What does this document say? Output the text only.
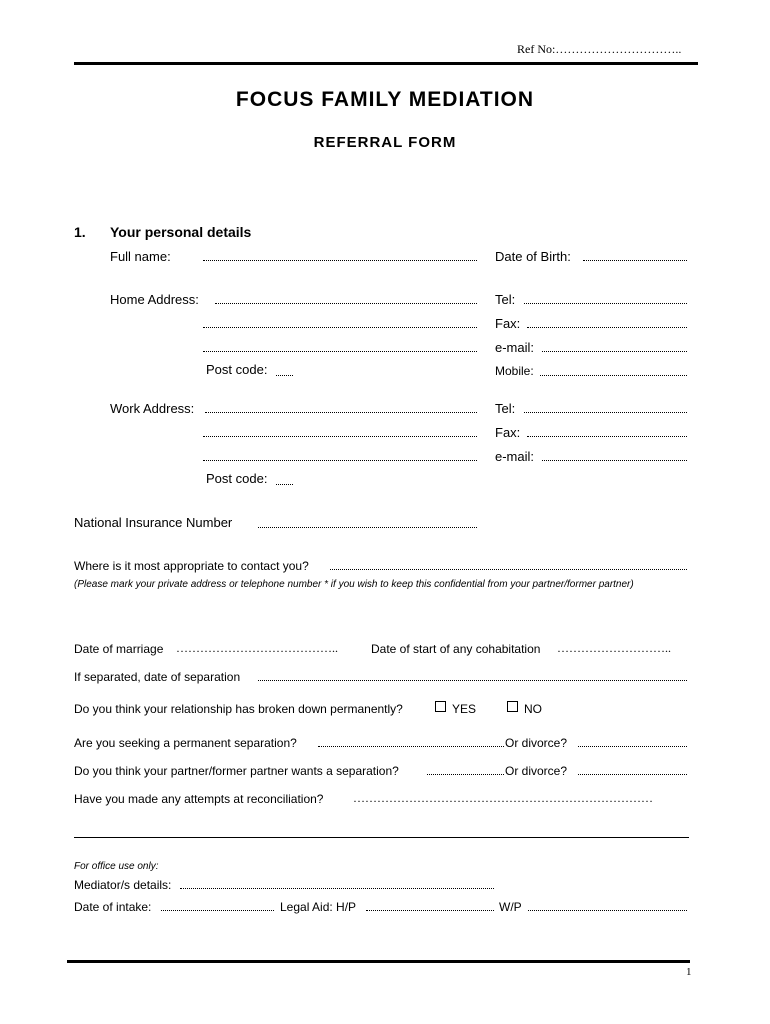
Ref No:…………………………..
FOCUS FAMILY MEDIATION
REFERRAL FORM
1. Your personal details
Full name:	Date of Birth:
Home Address:	Tel:
Fax:
e-mail:
Post code:	Mobile:
Work Address:	Tel:
Fax:
e-mail:
Post code:
National Insurance Number
Where is it most appropriate to contact you?
(Please mark your private address or telephone number * if you wish to keep this confidential from your partner/former partner)
Date of marriage …………………………………..	Date of start of any cohabitation ………………………..
If separated, date of separation
Do you think your relationship has broken down permanently?	YES	NO
Are you seeking a permanent separation?	Or divorce?
Do you think your partner/former partner wants a separation?	Or divorce?
Have you made any attempts at reconciliation? …………………………………………………………………
For office use only:
Mediator/s details:
Date of intake:	Legal Aid: H/P	W/P
1
